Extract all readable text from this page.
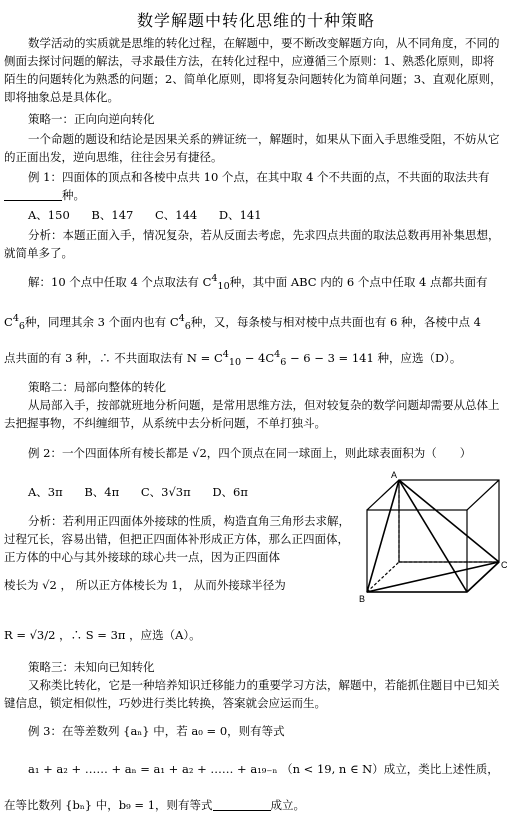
数学解题中转化思维的十种策略
数学活动的实质就是思维的转化过程，在解题中，要不断改变解题方向，从不同角度，不同的侧面去探讨问题的解法，寻求最佳方法，在转化过程中，应遵循三个原则：1、熟悉化原则，即将陌生的问题转化为熟悉的问题；2、简单化原则，即将复杂问题转化为简单问题；3、直观化原则，即将抽象总是具体化。
策略一：正向向逆向转化
一个命题的题设和结论是因果关系的辨证统一，解题时，如果从下面入手思维受阻，不妨从它的正面出发，逆向思维，往往会另有捷径。
例 1：四面体的顶点和各棱中点共 10 个点，在其中取 4 个不共面的点，不共面的取法共有种。
A、150 B、147 C、144 D、141
分析：本题正面入手，情况复杂，若从反面去考虑，先求四点共面的取法总数再用补集思想，就简单多了。
解：10 个点中任取 4 个点取法有 $C^4_{10}$种，其中面 ABC 内的 6 个点中任取 4 点都共面有
$C^4_6$种，同理其余 3 个面内也有 $C^4_6$种，又，每条棱与相对棱中点共面也有 6 种，各棱中点 4
点共面的有 3 种，∴ 不共面取法有 $N = C^4_{10} - 4C^4_6 - 6 - 3 = 141$ 种，应选（D）。
策略二：局部向整体的转化
从局部入手，按部就班地分析问题，是常用思维方法，但对较复杂的数学问题却需要从总体上去把握事物，不纠缠细节，从系统中去分析问题，不单打独斗。
例 2：一个四面体所有棱长都是 √2，四个顶点在同一球面上，则此球表面积为（　　）
A、3π B、4π C、3√3π D、6π
分析：若利用正四面体外接球的性质，构造直角三角形去求解，过程冗长，容易出错，但把正四面体补形成正方体，那么正四面体，正方体的中心与其外接球的球心共一点，因为正四面体
棱长为 √2 ， 所以正方体棱长为 1， 从而外接球半径为
R = √3/2 ，∴ S = 3π ，应选（A）。
A
B
C
策略三：未知向已知转化
又称类比转化，它是一种培养知识迁移能力的重要学习方法，解题中，若能抓住题目中已知关键信息，锁定相似性，巧妙进行类比转换，答案就会应运而生。
例 3：在等差数列 {aₙ} 中，若 a₀ = 0，则有等式
a₁ + a₂ + …… + aₙ = a₁ + a₂ + …… + a₁₉₋ₙ （n < 19, n ∈ N）成立，类比上述性质，
在等比数列 {bₙ} 中，b₉ = 1，则有等式	成立。
